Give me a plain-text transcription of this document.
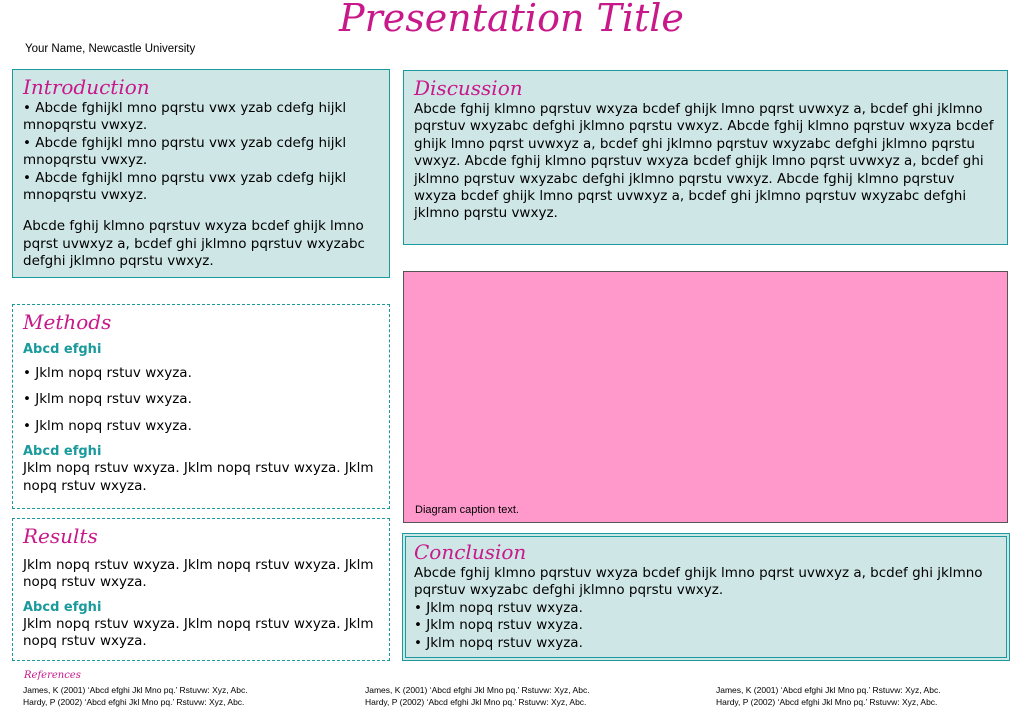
Presentation Title
Your Name, Newcastle University
Introduction

• Abcde fghijkl mno pqrstu vwx yzab cdefg hijkl mnopqrstu vwxyz.

• Abcde fghijkl mno pqrstu vwx yzab cdefg hijkl mnopqrstu vwxyz.

• Abcde fghijkl mno pqrstu vwx yzab cdefg hijkl mnopqrstu vwxyz.

Abcde fghij klmno pqrstuv wxyza bcdef ghijk lmno pqrst uvwxyz a, bcdef ghi jklmno pqrstuv wxyzabc defghi jklmno pqrstu vwxyz.

Discussion

Abcde fghij klmno pqrstuv wxyza bcdef ghijk lmno pqrst uvwxyz a, bcdef ghi jklmno pqrstuv wxyzabc defghi jklmno pqrstu vwxyz. Abcde fghij klmno pqrstuv wxyza bcdef ghijk lmno pqrst uvwxyz a, bcdef ghi jklmno pqrstuv wxyzabc defghi jklmno pqrstu vwxyz. Abcde fghij klmno pqrstuv wxyza bcdef ghijk lmno pqrst uvwxyz a, bcdef ghi jklmno pqrstuv wxyzabc defghi jklmno pqrstu vwxyz. Abcde fghij klmno pqrstuv wxyza bcdef ghijk lmno pqrst uvwxyz a, bcdef ghi jklmno pqrstuv wxyzabc defghi jklmno pqrstu vwxyz.

Methods

Abcd efghi

• Jklm nopq rstuv wxyza.

• Jklm nopq rstuv wxyza.

• Jklm nopq rstuv wxyza.

Abcd efghi

Jklm nopq rstuv wxyza. Jklm nopq rstuv wxyza. Jklm nopq rstuv wxyza.

Results

Jklm nopq rstuv wxyza. Jklm nopq rstuv wxyza. Jklm nopq rstuv wxyza.

Abcd efghi

Jklm nopq rstuv wxyza. Jklm nopq rstuv wxyza. Jklm nopq rstuv wxyza.

Diagram caption text.
Conclusion

Abcde fghij klmno pqrstuv wxyza bcdef ghijk lmno pqrst uvwxyz a, bcdef ghi jklmno pqrstuv wxyzabc defghi jklmno pqrstu vwxyz.

• Jklm nopq rstuv wxyza.

• Jklm nopq rstuv wxyza.

• Jklm nopq rstuv wxyza.

References
James, K (2001) ‘Abcd efghi Jkl Mno pq.’ Rstuvw: Xyz, Abc.
Hardy, P (2002) ‘Abcd efghi Jkl Mno pq.’ Rstuvw: Xyz, Abc.
James, K (2001) ‘Abcd efghi Jkl Mno pq.’ Rstuvw: Xyz, Abc.
Hardy, P (2002) ‘Abcd efghi Jkl Mno pq.’ Rstuvw: Xyz, Abc.
James, K (2001) ‘Abcd efghi Jkl Mno pq.’ Rstuvw: Xyz, Abc.
Hardy, P (2002) ‘Abcd efghi Jkl Mno pq.’ Rstuvw: Xyz, Abc.
